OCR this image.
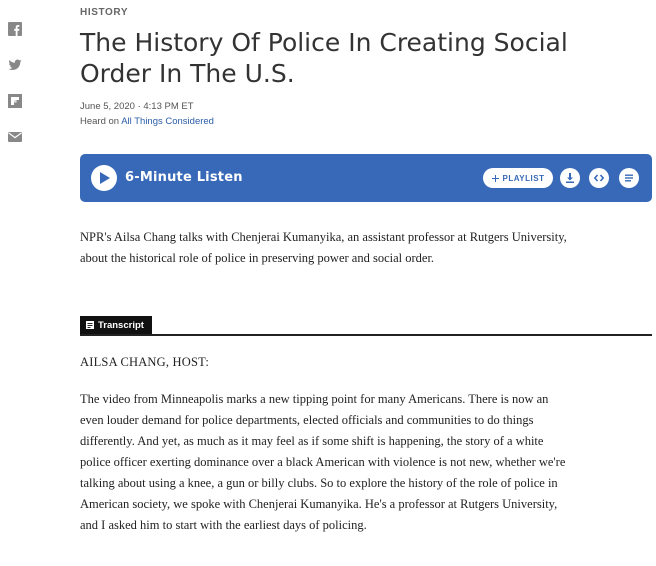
HISTORY
The History Of Police In Creating Social Order In The U.S.
June 5, 2020 · 4:13 PM ET
Heard on All Things Considered
6-Minute Listen	PLAYLIST

NPR's Ailsa Chang talks with Chenjerai Kumanyika, an assistant professor at Rutgers University, about the historical role of police in preserving power and social order.

Transcript

AILSA CHANG, HOST:

The video from Minneapolis marks a new tipping point for many Americans. There is now an even louder demand for police departments, elected officials and communities to do things differently. And yet, as much as it may feel as if some shift is happening, the story of a white police officer exerting dominance over a black American with violence is not new, whether we're talking about using a knee, a gun or billy clubs. So to explore the history of the role of police in American society, we spoke with Chenjerai Kumanyika. He's a professor at Rutgers University, and I asked him to start with the earliest days of policing.
